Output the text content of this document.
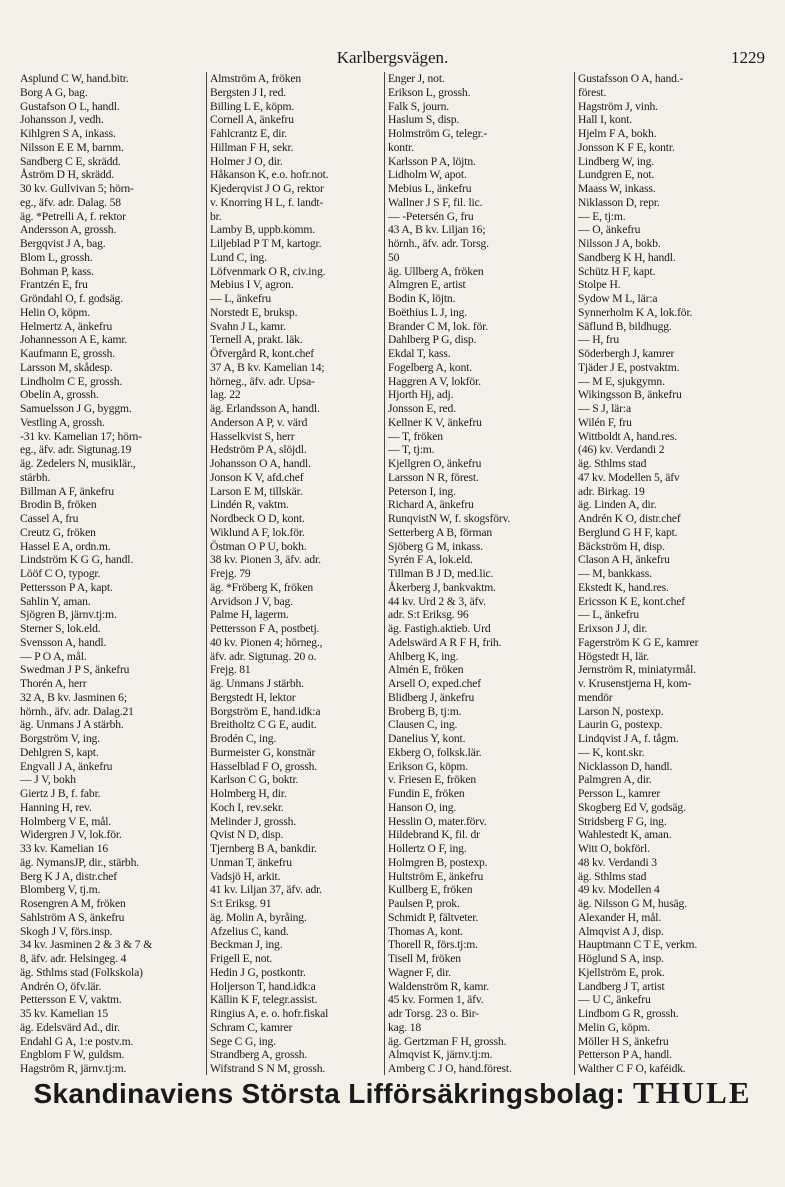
Karlbergsvägen.	1229
Asplund C W, hand.bitr.
Borg A G, bag.
Gustafson O L, handl.
Johansson J, vedh.
Kihlgren S A, inkass.
Nilsson E E M, barnm.
Sandberg C E, skrädd.
Åström D H, skrädd.
30 kv. Gullvivan 5; hörn-
eg., äfv. adr. Dalag. 58
äg. *Petrelli A, f. rektor
Andersson A, grossh.
Bergqvist J A, bag.
Blom L, grossh.
Bohman P, kass.
Frantzén E, fru
Gröndahl O, f. godsäg.
Helin O, köpm.
Helmertz A, änkefru
Johannesson A E, kamr.
Kaufmann E, grossh.
Larsson M, skådesp.
Lindholm C E, grossh.
Obelin A, grossh.
Samuelsson J G, byggm.
Vestling A, grossh.
-31 kv. Kamelian 17; hörn-
eg., äfv. adr. Sigtunag.19
äg. Zedelers N, musiklär.,
stärbh.
Billman A F, änkefru
Brodin B, fröken
Cassel A, fru
Creutz G, fröken
Hassel E A, ordn.m.
Lindström K G G, handl.
Lööf C O, typogr.
Pettersson P A, kapt.
Sahlin Y, aman.
Sjögren B, järnv.tj:m.
Sterner S, lok.eld.
Svensson A, handl.
— P O A, mål.
Swedman J P S, änkefru
Thorén A, herr
32 A, B kv. Jasminen 6;
hörnh., äfv. adr. Dalag.21
äg. Unmans J A stärbh.
Borgström V, ing.
Dehlgren S, kapt.
Engvall J A, änkefru
— J V, bokh
Giertz J B, f. fabr.
Hanning H, rev.
Holmberg V E, mål.
Widergren J V, lok.för.
33 kv. Kamelian 16
äg. NymansJP, dir., stärbh.
Berg K J A, distr.chef
Blomberg V, tj.m.
Rosengren A M, fröken
Sahlström A S, änkefru
Skogh J V, förs.insp.
34 kv. Jasminen 2 & 3 & 7 &
8, äfv. adr. Helsingeg. 4
äg. Sthlms stad (Folkskola)
Andrén O, öfv.lär.
Pettersson E V, vaktm.
35 kv. Kamelian 15
äg. Edelsvärd Ad., dir.
Endahl G A, 1:e postv.m.
Engblom F W, guldsm.
Hagström R, järnv.tj:m.
Almström A, fröken
Bergsten J I, red.
Billing L E, köpm.
Cornell A, änkefru
Fahlcrantz E, dir.
Hillman F H, sekr.
Holmer J O, dir.
Håkanson K, e.o. hofr.not.
Kjederqvist J O G, rektor
v. Knorring H L, f. landt-
br.
Lamby B, uppb.komm.
Liljeblad P T M, kartogr.
Lund C, ing.
Löfvenmark O R, civ.ing.
Mebius I V, agron.
— L, änkefru
Norstedt E, bruksp.
Svahn J L, kamr.
Ternell A, prakt. läk.
Öfvergård R, kont.chef
37 A, B kv. Kamelian 14;
hörneg., äfv. adr. Upsa-
lag. 22
äg. Erlandsson A, handl.
Anderson A P, v. värd
Hasselkvist S, herr
Hedström P A, slöjdl.
Johansson O A, handl.
Jonson K V, afd.chef
Larson E M, tillskär.
Lindén R, vaktm.
Nordbeck O D, kont.
Wiklund A F, lok.för.
Östman O P U, bokh.
38 kv. Pionen 3, äfv. adr.
Frejg. 79
äg. *Fröberg K, fröken
Arvidson J V, bag.
Palme H, lagerm.
Pettersson F A, postbetj.
40 kv. Pionen 4; hörneg.,
äfv. adr. Sigtunag. 20 o.
Frejg. 81
äg. Unmans J stärbh.
Bergstedt H, lektor
Borgström E, hand.idk:a
Breitholtz C G E, audit.
Brodén C, ing.
Burmeister G, konstnär
Hasselblad F O, grossh.
Karlson C G, boktr.
Holmberg H, dir.
Koch I, rev.sekr.
Melinder J, grossh.
Qvist N D, disp.
Tjernberg B A, bankdir.
Unman T, änkefru
Vadsjö H, arkit.
41 kv. Liljan 37, äfv. adr.
S:t Eriksg. 91
äg. Molin A, byråing.
Afzelius C, kand.
Beckman J, ing.
Frigell E, not.
Hedin J G, postkontr.
Holjerson T, hand.idk:a
Källin K F, telegr.assist.
Ringius A, e. o. hofr.fiskal
Schram C, kamrer
Sege C G, ing.
Strandberg A, grossh.
Wifstrand S N M, grossh.
Enger J, not.
Erikson L, grossh.
Falk S, journ.
Haslum S, disp.
Holmström G, telegr.-
kontr.
Karlsson P A, löjtn.
Lidholm W, apot.
Mebius L, änkefru
Wallner J S F, fil. lic.
— -Petersén G, fru
43 A, B kv. Liljan 16;
hörnh., äfv. adr. Torsg.
50
äg. Ullberg A, fröken
Almgren E, artist
Bodin K, löjtn.
Boëthius L J, ing.
Brander C M, lok. för.
Dahlberg P G, disp.
Ekdal T, kass.
Fogelberg A, kont.
Haggren A V, lokför.
Hjorth Hj, adj.
Jonsson E, red.
Kellner K V, änkefru
— T, fröken
— T, tj:m.
Kjellgren O, änkefru
Larsson N R, förest.
Peterson I, ing.
Richard A, änkefru
RunqvistN W, f. skogsförv.
Setterberg A B, förman
Sjöberg G M, inkass.
Syrén F A, lok.eld.
Tillman B J D, med.lic.
Åkerberg J, bankvaktm.
44 kv. Urd 2 & 3, äfv.
adr. S:t Eriksg. 96
äg. Fastigh.aktieb. Urd
Adelswärd A R F H, frih.
Ahlberg K, ing.
Almén E, fröken
Arsell O, exped.chef
Blidberg J, änkefru
Broberg B, tj:m.
Clausen C, ing.
Danelius Y, kont.
Ekberg O, folksk.lär.
Erikson G, köpm.
v. Friesen E, fröken
Fundin E, fröken
Hanson O, ing.
Hesslin O, mater.förv.
Hildebrand K, fil. dr
Hollertz O F, ing.
Holmgren B, postexp.
Hultström E, änkefru
Kullberg E, fröken
Paulsen P, prok.
Schmidt P, fältveter.
Thomas A, kont.
Thorell R, förs.tj:m.
Tisell M, fröken
Wagner F, dir.
Waldenström R, kamr.
45 kv. Formen 1, äfv.
adr Torsg. 23 o. Bir-
kag. 18
äg. Gertzman F H, grossh.
Almqvist K, järnv.tj:m.
Amberg C J O, hand.förest.
Gustafsson O A, hand.-
förest.
Hagström J, vinh.
Hall I, kont.
Hjelm F A, bokh.
Jonsson K F E, kontr.
Lindberg W, ing.
Lundgren E, not.
Maass W, inkass.
Niklasson D, repr.
— E, tj:m.
— O, änkefru
Nilsson J A, bokb.
Sandberg K H, handl.
Schütz H F, kapt.
Stolpe H.
Sydow M L, lär:a
Synnerholm K A, lok.för.
Säflund B, bildhugg.
— H, fru
Söderbergh J, kamrer
Tjäder J E, postvaktm.
— M E, sjukgymn.
Wikingsson B, änkefru
— S J, lär:a
Wilén F, fru
Wittboldt A, hand.res.
(46) kv. Verdandi 2
äg. Sthlms stad
47 kv. Modellen 5, äfv
adr. Birkag. 19
äg. Linden A, dir.
Andrén K O, distr.chef
Berglund G H F, kapt.
Bäckström H, disp.
Clason A H, änkefru
— M, bankkass.
Ekstedt K, hand.res.
Ericsson K E, kont.chef
— L, änkefru
Erixson J J, dir.
Fagerström K G E, kamrer
Högstedt H, lär.
Jernström R, miniatyrmål.
v. Krusenstjerna H, kom-
mendör
Larson N, postexp.
Laurin G, postexp.
Lindqvist J A, f. tågm.
— K, kont.skr.
Nicklasson D, handl.
Palmgren A, dir.
Persson L, kamrer
Skogberg Ed V, godsäg.
Stridsberg F G, ing.
Wahlestedt K, aman.
Witt O, bokförl.
48 kv. Verdandi 3
äg. Sthlms stad
49 kv. Modellen 4
äg. Nilsson G M, husäg.
Alexander H, mål.
Almqvist A J, disp.
Hauptmann C T E, verkm.
Höglund S A, insp.
Kjellström E, prok.
Landberg J T, artist
— U C, änkefru
Lindbom G R, grossh.
Melin G, köpm.
Möller H S, änkefru
Petterson P A, handl.
Walther C F O, kaféidk.
Skandinaviens Största Lifförsäkringsbolag: THULE
